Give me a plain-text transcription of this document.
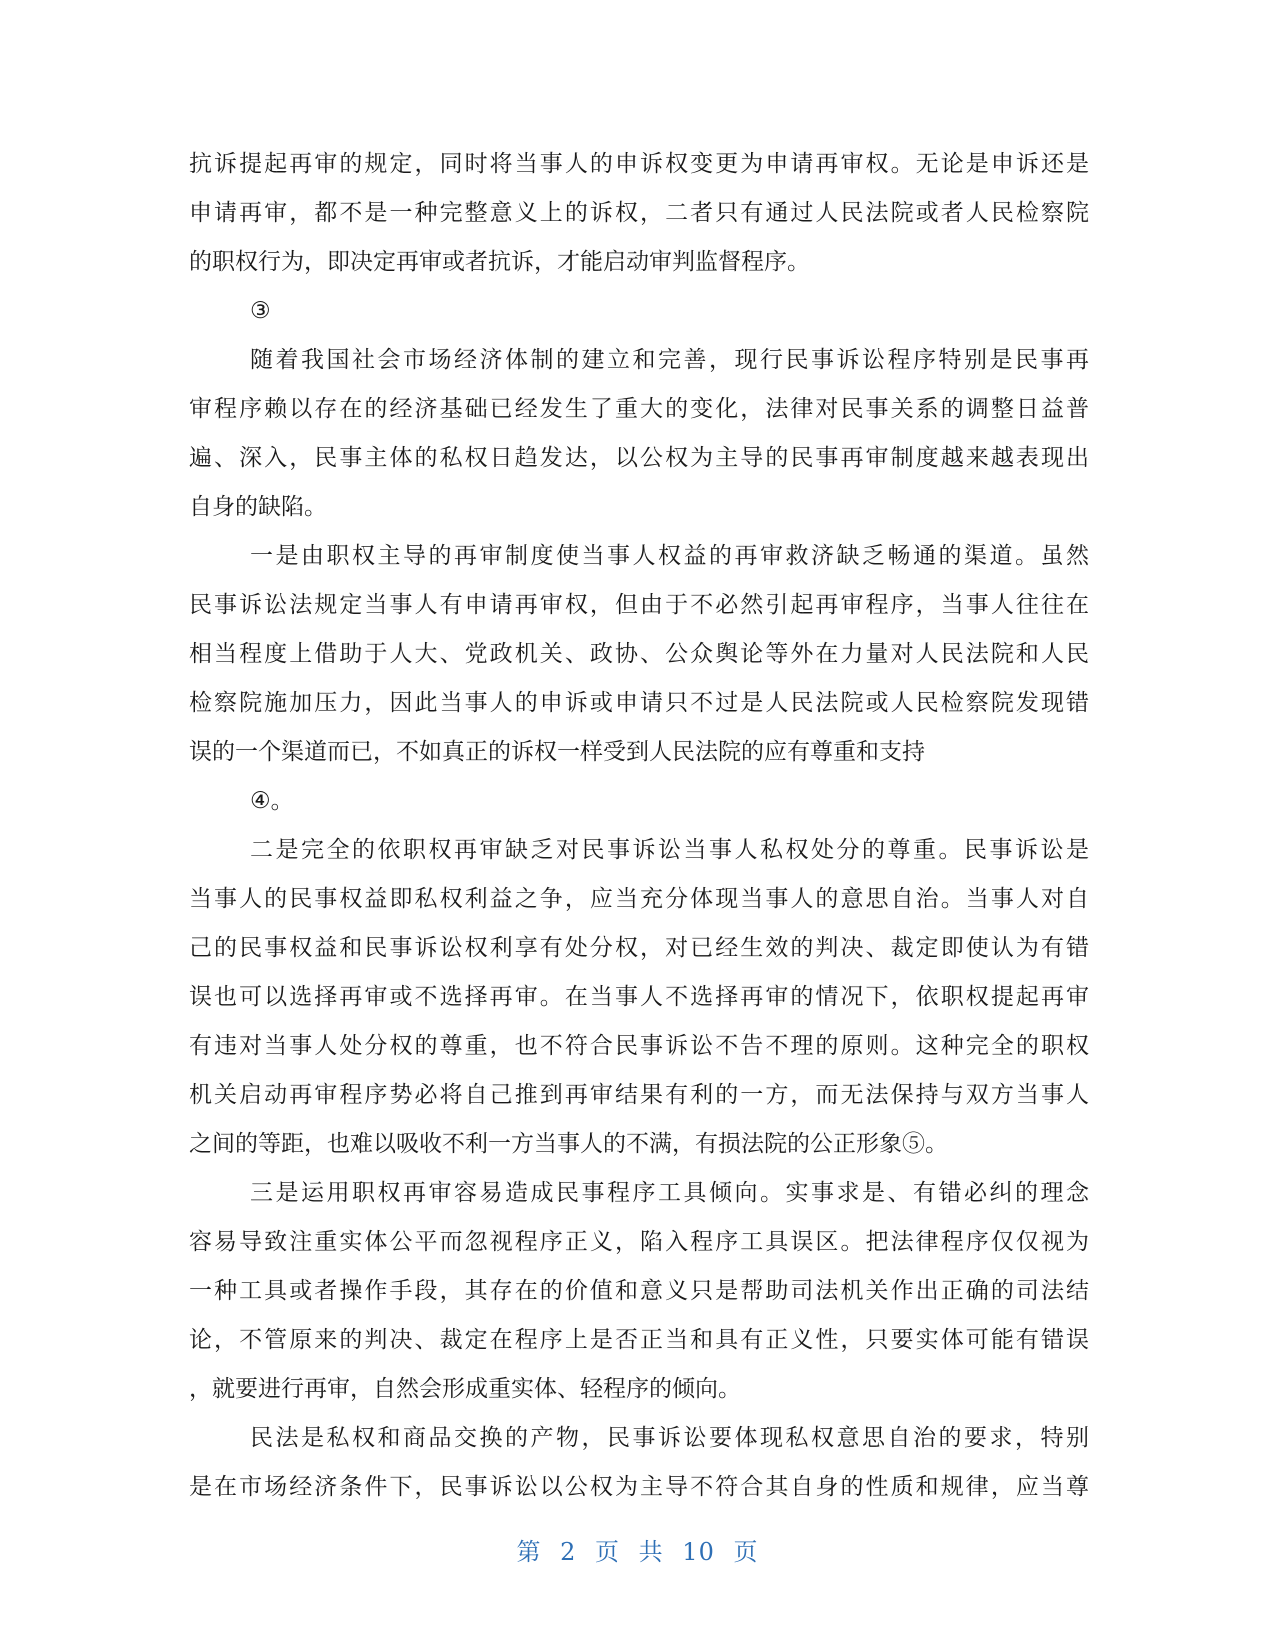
抗诉提起再审的规定，同时将当事人的申诉权变更为申请再审权。无论是申诉还是
申请再审，都不是一种完整意义上的诉权，二者只有通过人民法院或者人民检察院
的职权行为，即决定再审或者抗诉，才能启动审判监督程序。
③
随着我国社会市场经济体制的建立和完善，现行民事诉讼程序特别是民事再
审程序赖以存在的经济基础已经发生了重大的变化，法律对民事关系的调整日益普
遍、深入，民事主体的私权日趋发达，以公权为主导的民事再审制度越来越表现出
自身的缺陷。
一是由职权主导的再审制度使当事人权益的再审救济缺乏畅通的渠道。虽然
民事诉讼法规定当事人有申请再审权，但由于不必然引起再审程序，当事人往往在
相当程度上借助于人大、党政机关、政协、公众舆论等外在力量对人民法院和人民
检察院施加压力，因此当事人的申诉或申请只不过是人民法院或人民检察院发现错
误的一个渠道而已，不如真正的诉权一样受到人民法院的应有尊重和支持
④。
二是完全的依职权再审缺乏对民事诉讼当事人私权处分的尊重。民事诉讼是
当事人的民事权益即私权利益之争，应当充分体现当事人的意思自治。当事人对自
己的民事权益和民事诉讼权利享有处分权，对已经生效的判决、裁定即使认为有错
误也可以选择再审或不选择再审。在当事人不选择再审的情况下，依职权提起再审
有违对当事人处分权的尊重，也不符合民事诉讼不告不理的原则。这种完全的职权
机关启动再审程序势必将自己推到再审结果有利的一方，而无法保持与双方当事人
之间的等距，也难以吸收不利一方当事人的不满，有损法院的公正形象⑤。
三是运用职权再审容易造成民事程序工具倾向。实事求是、有错必纠的理念
容易导致注重实体公平而忽视程序正义，陷入程序工具误区。把法律程序仅仅视为
一种工具或者操作手段，其存在的价值和意义只是帮助司法机关作出正确的司法结
论，不管原来的判决、裁定在程序上是否正当和具有正义性，只要实体可能有错误
，就要进行再审，自然会形成重实体、轻程序的倾向。
民法是私权和商品交换的产物，民事诉讼要体现私权意思自治的要求，特别
是在市场经济条件下，民事诉讼以公权为主导不符合其自身的性质和规律，应当尊
第 2 页 共 10 页
